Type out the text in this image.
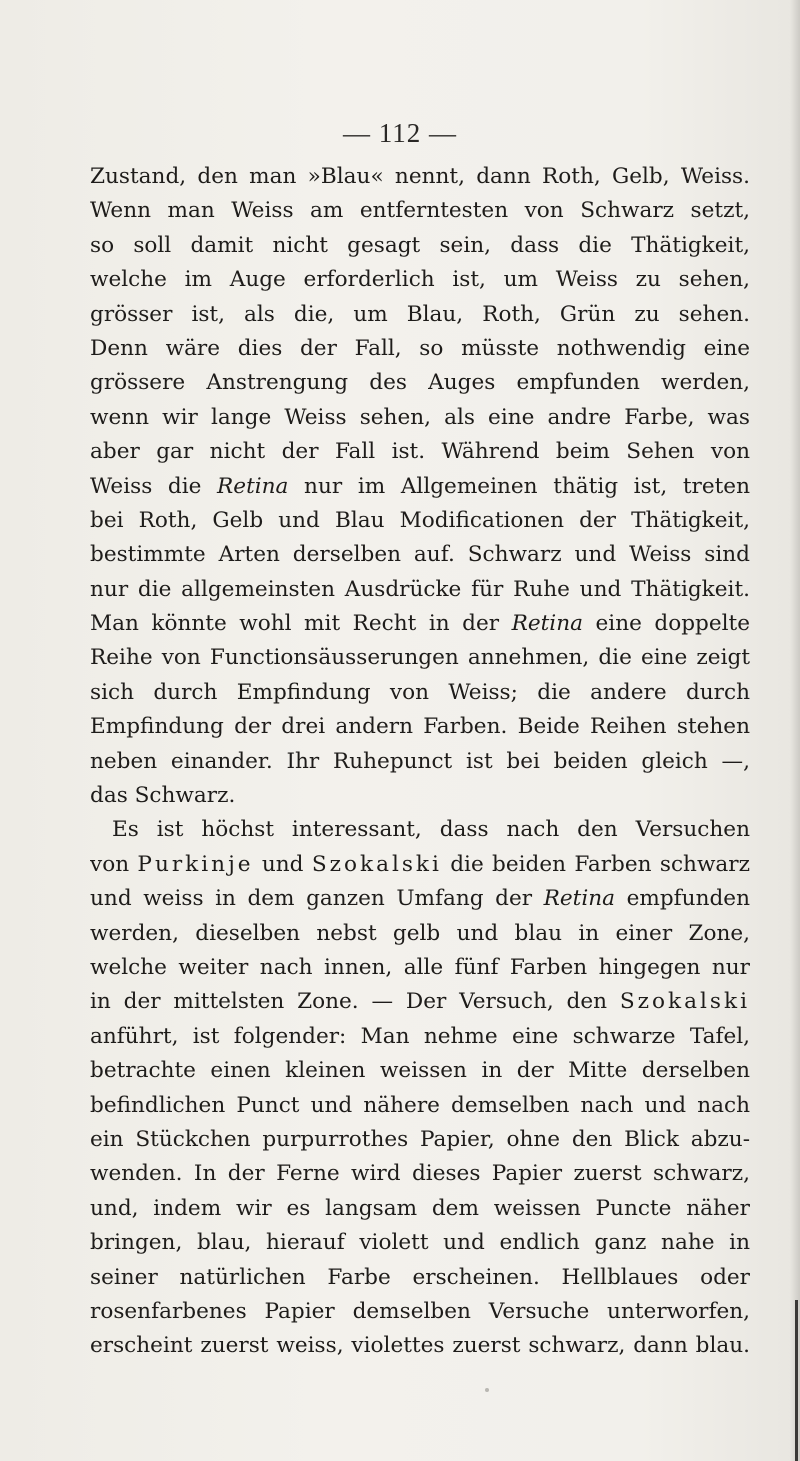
— 112 —
Zustand, den man »Blau« nennt, dann Roth, Gelb, Weiss.
Wenn man Weiss am entferntesten von Schwarz setzt,
so soll damit nicht gesagt sein, dass die Thätigkeit,
welche im Auge erforderlich ist, um Weiss zu sehen,
grösser ist, als die, um Blau, Roth, Grün zu sehen.
Denn wäre dies der Fall, so müsste nothwendig eine
grössere Anstrengung des Auges empfunden werden,
wenn wir lange Weiss sehen, als eine andre Farbe, was
aber gar nicht der Fall ist. Während beim Sehen von
Weiss die Retina nur im Allgemeinen thätig ist, treten
bei Roth, Gelb und Blau Modificationen der Thätigkeit,
bestimmte Arten derselben auf. Schwarz und Weiss sind
nur die allgemeinsten Ausdrücke für Ruhe und Thätigkeit.
Man könnte wohl mit Recht in der Retina eine doppelte
Reihe von Functionsäusserungen annehmen, die eine zeigt
sich durch Empfindung von Weiss; die andere durch
Empfindung der drei andern Farben. Beide Reihen stehen
neben einander. Ihr Ruhepunct ist bei beiden gleich —,
das Schwarz.
Es ist höchst interessant, dass nach den Versuchen
von Purkinje und Szokalski die beiden Farben schwarz
und weiss in dem ganzen Umfang der Retina empfunden
werden, dieselben nebst gelb und blau in einer Zone,
welche weiter nach innen, alle fünf Farben hingegen nur
in der mittelsten Zone. — Der Versuch, den Szokalski
anführt, ist folgender: Man nehme eine schwarze Tafel,
betrachte einen kleinen weissen in der Mitte derselben
befindlichen Punct und nähere demselben nach und nach
ein Stückchen purpurrothes Papier, ohne den Blick abzu-
wenden. In der Ferne wird dieses Papier zuerst schwarz,
und, indem wir es langsam dem weissen Puncte näher
bringen, blau, hierauf violett und endlich ganz nahe in
seiner natürlichen Farbe erscheinen. Hellblaues oder
rosenfarbenes Papier demselben Versuche unterworfen,
erscheint zuerst weiss, violettes zuerst schwarz, dann blau.
